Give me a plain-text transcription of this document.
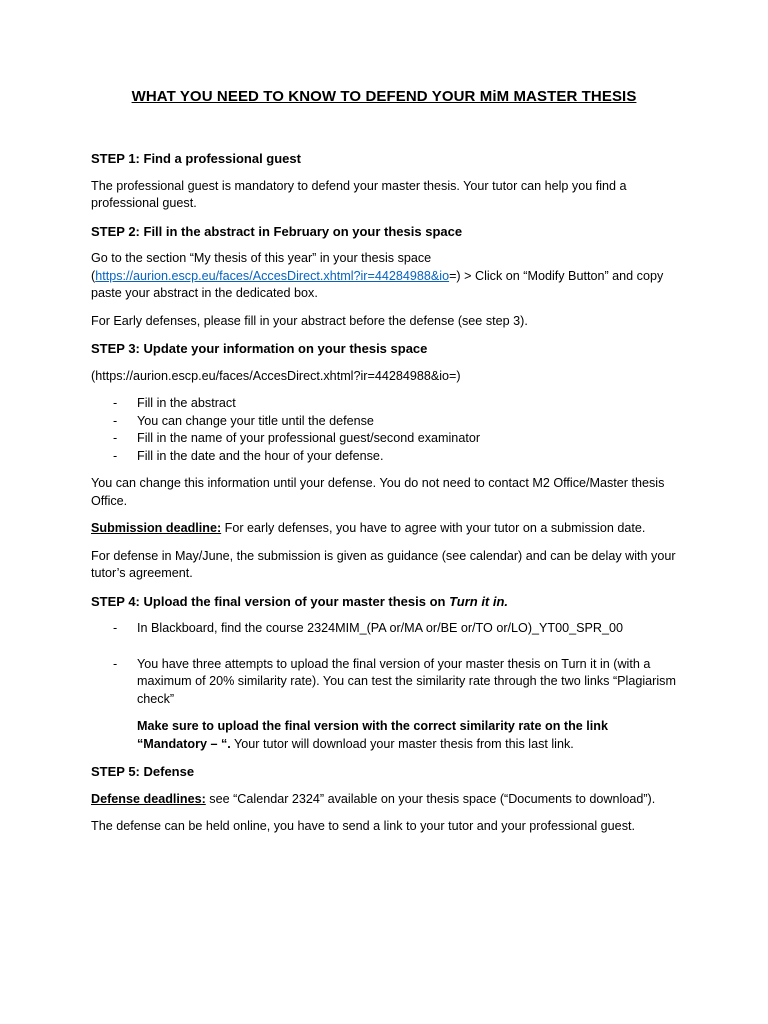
WHAT YOU NEED TO KNOW TO DEFEND YOUR MiM MASTER THESIS
STEP 1: Find a professional guest

The professional guest is mandatory to defend your master thesis. Your tutor can help you find a professional guest.

STEP 2: Fill in the abstract in February on your thesis space

Go to the section “My thesis of this year” in your thesis space (https://aurion.escp.eu/faces/AccesDirect.xhtml?ir=44284988&io=) > Click on “Modify Button” and copy paste your abstract in the dedicated box.

For Early defenses, please fill in your abstract before the defense (see step 3).

STEP 3: Update your information on your thesis space

(https://aurion.escp.eu/faces/AccesDirect.xhtml?ir=44284988&io=)

- Fill in the abstract
- You can change your title until the defense
- Fill in the name of your professional guest/second examinator
- Fill in the date and the hour of your defense.

You can change this information until your defense. You do not need to contact M2 Office/Master thesis Office.

Submission deadline: For early defenses, you have to agree with your tutor on a submission date.

For defense in May/June, the submission is given as guidance (see calendar) and can be delay with your tutor’s agreement.

STEP 4: Upload the final version of your master thesis on Turn it in.
- In Blackboard, find the course 2324MIM_(PA or/MA or/BE or/TO or/LO)_YT00_SPR_00
- You have three attempts to upload the final version of your master thesis on Turn it in (with a maximum of 20% similarity rate). You can test the similarity rate through the two links “Plagiarism check”

Make sure to upload the final version with the correct similarity rate on the link “Mandatory – “. Your tutor will download your master thesis from this last link.

STEP 5: Defense

Defense deadlines: see “Calendar 2324” available on your thesis space (“Documents to download”).

The defense can be held online, you have to send a link to your tutor and your professional guest.
